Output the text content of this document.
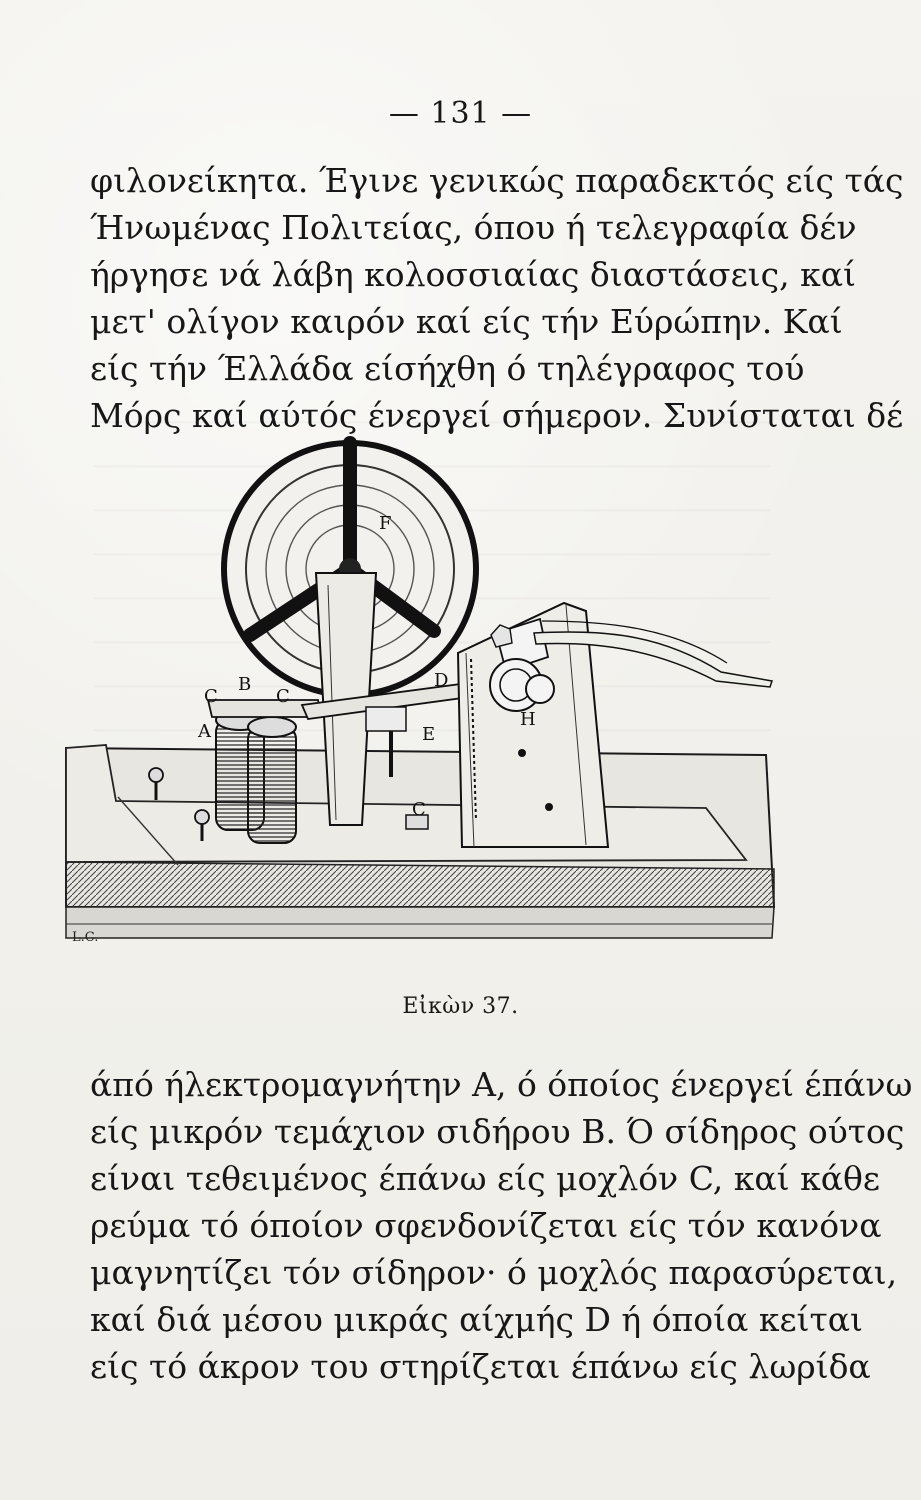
— 131 —
φιλονείκητα. Έγινε γενικώς παραδεκτός είς τάς
Ήνωμένας Πολιτείας, όπου ή τελεγραφία δέν
ήργησε νά λάβη κολοσσιαίας διαστάσεις, καί
μετ' ολίγον καιρόν καί είς τήν Εύρώπην. Καί
είς τήν Έλλάδα είσήχθη ό τηλέγραφος τού
Μόρς καί αύτός ένεργεί σήμερον. Συνίσταται δέ
F
D
B
C
C
A	E
C
H
L.C.
Εἰκὼν 37.
άπό ήλεκτρομαγνήτην Α, ό όποίος ένεργεί έπάνω
είς μικρόν τεμάχιον σιδήρου Β. Ό σίδηρος ούτος
είναι τεθειμένος έπάνω είς μοχλόν C, καί κάθε
ρεύμα τό όποίον σφενδονίζεται είς τόν κανόνα
μαγνητίζει τόν σίδηρον· ό μοχλός παρασύρεται,
καί διά μέσου μικράς αίχμής D ή όποία κείται
είς τό άκρον του στηρίζεται έπάνω είς λωρίδα
